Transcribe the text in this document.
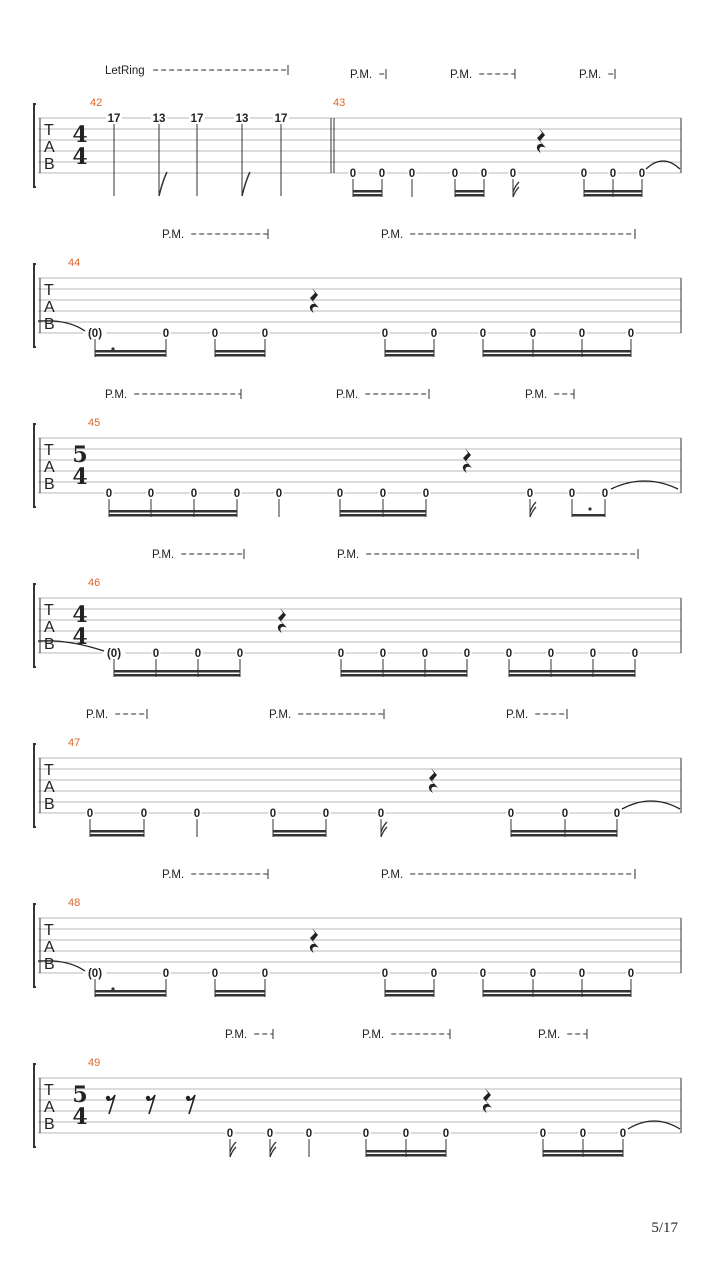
T
A
B
42
4
4
43
LetRing	P.M.	P.M.	P.M.
17	13 17	13 17
0 0 0	0 0 0	0 0 0
T
A
B
44
P.M.	P.M.
(0)	0	0	0	0	0	0	0	0	0
T
A
B
45
5
4
P.M.	P.M.	P.M.
0	0	0	0	0	0	0	0	0	0 0
T
A
B
46
4
4
P.M.	P.M.
(0)	0	0	0	0	0	0	0	0	0	0	0
T
A
B
47
P.M.	P.M.	P.M.
0	0	0	0	0	0	0	0	0
T
A
B
48
P.M.	P.M.
(0)	0	0	0	0	0	0	0	0	0
T
A
B
49
5
4
P.M.	P.M.	P.M.
0	0	0	0	0	0	0	0	0
5/17
